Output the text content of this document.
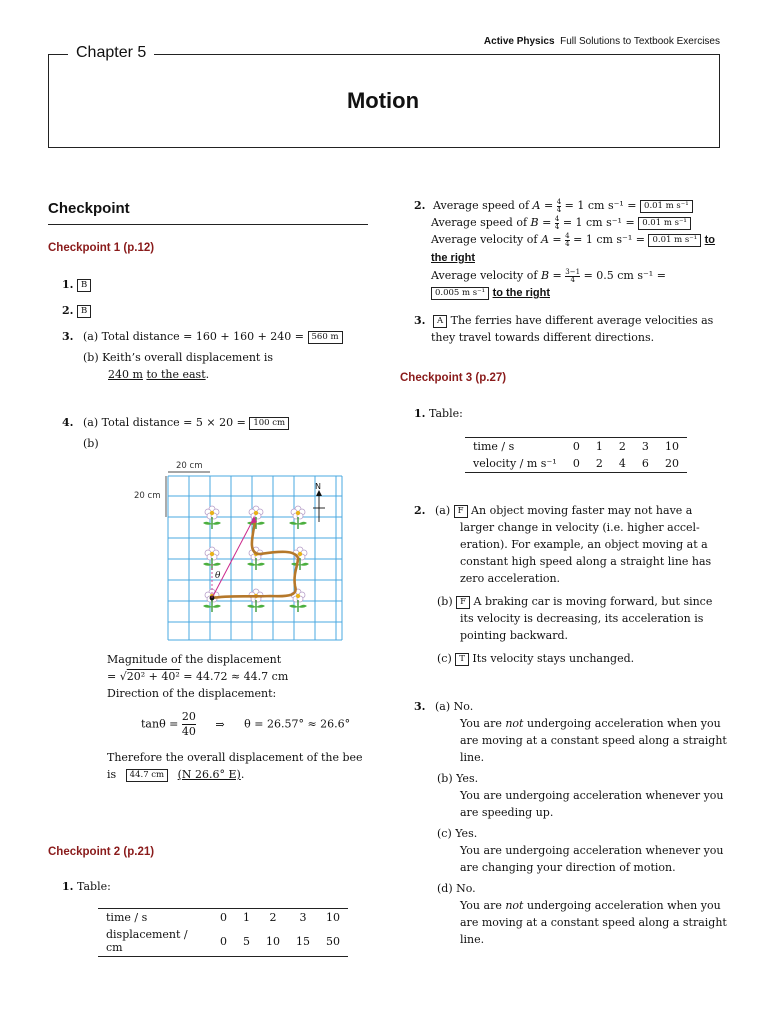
Active Physics Full Solutions to Textbook Exercises
Chapter 5
Motion
Checkpoint
Checkpoint 1 (p.12)
1. B
2. B
3. (a) Total distance = 160 + 160 + 240 = 560 m
(b) Keith’s overall displacement is
240 m to the east.
4. (a) Total distance = 5 × 20 = 100 cm
(b)
θ
20 cm
20 cm
N
Magnitude of the displacement
= √20² + 40² = 44.72 ≈ 44.7 cm
Direction of the displacement:
$\tan\theta = \frac{20}{40}$ ⇒ θ = 26.57° ≈ 26.6°
Therefore the overall displacement of the bee
is 44.7 cm (N 26.6° E).
Checkpoint 2 (p.21)
1. Table:
time / s	0	1	2	3	10
displacement / cm	0	5	10	15	50
2. Average speed of $A = \frac{4}{4} = 1$ cm s⁻¹ = 0.01 m s⁻¹
Average speed of $B = \frac{4}{4} = 1$ cm s⁻¹ = 0.01 m s⁻¹
Average velocity of $A = \frac{4}{4} = 1$ cm s⁻¹ = 0.01 m s⁻¹ to
the right
Average velocity of $B = \frac{3-1}{4} = 0.5$ cm s⁻¹ =
0.005 m s⁻¹ to the right
3. A The ferries have different average velocities as
they travel towards different directions.
Checkpoint 3 (p.27)
1. Table:
time / s	0	1	2	3	10
velocity / m s⁻¹	0	2	4	6	20
2. (a) F An object moving faster may not have a
larger change in velocity (i.e. higher accel-
eration). For example, an object moving at a
constant high speed along a straight line has
zero acceleration.
(b) F A braking car is moving forward, but since
its velocity is decreasing, its acceleration is
pointing backward.
(c) T Its velocity stays unchanged.
3. (a) No.
You are not undergoing acceleration when you
are moving at a constant speed along a straight
line.
(b) Yes.
You are undergoing acceleration whenever you
are speeding up.
(c) Yes.
You are undergoing acceleration whenever you
are changing your direction of motion.
(d) No.
You are not undergoing acceleration when you
are moving at a constant speed along a straight
line.
